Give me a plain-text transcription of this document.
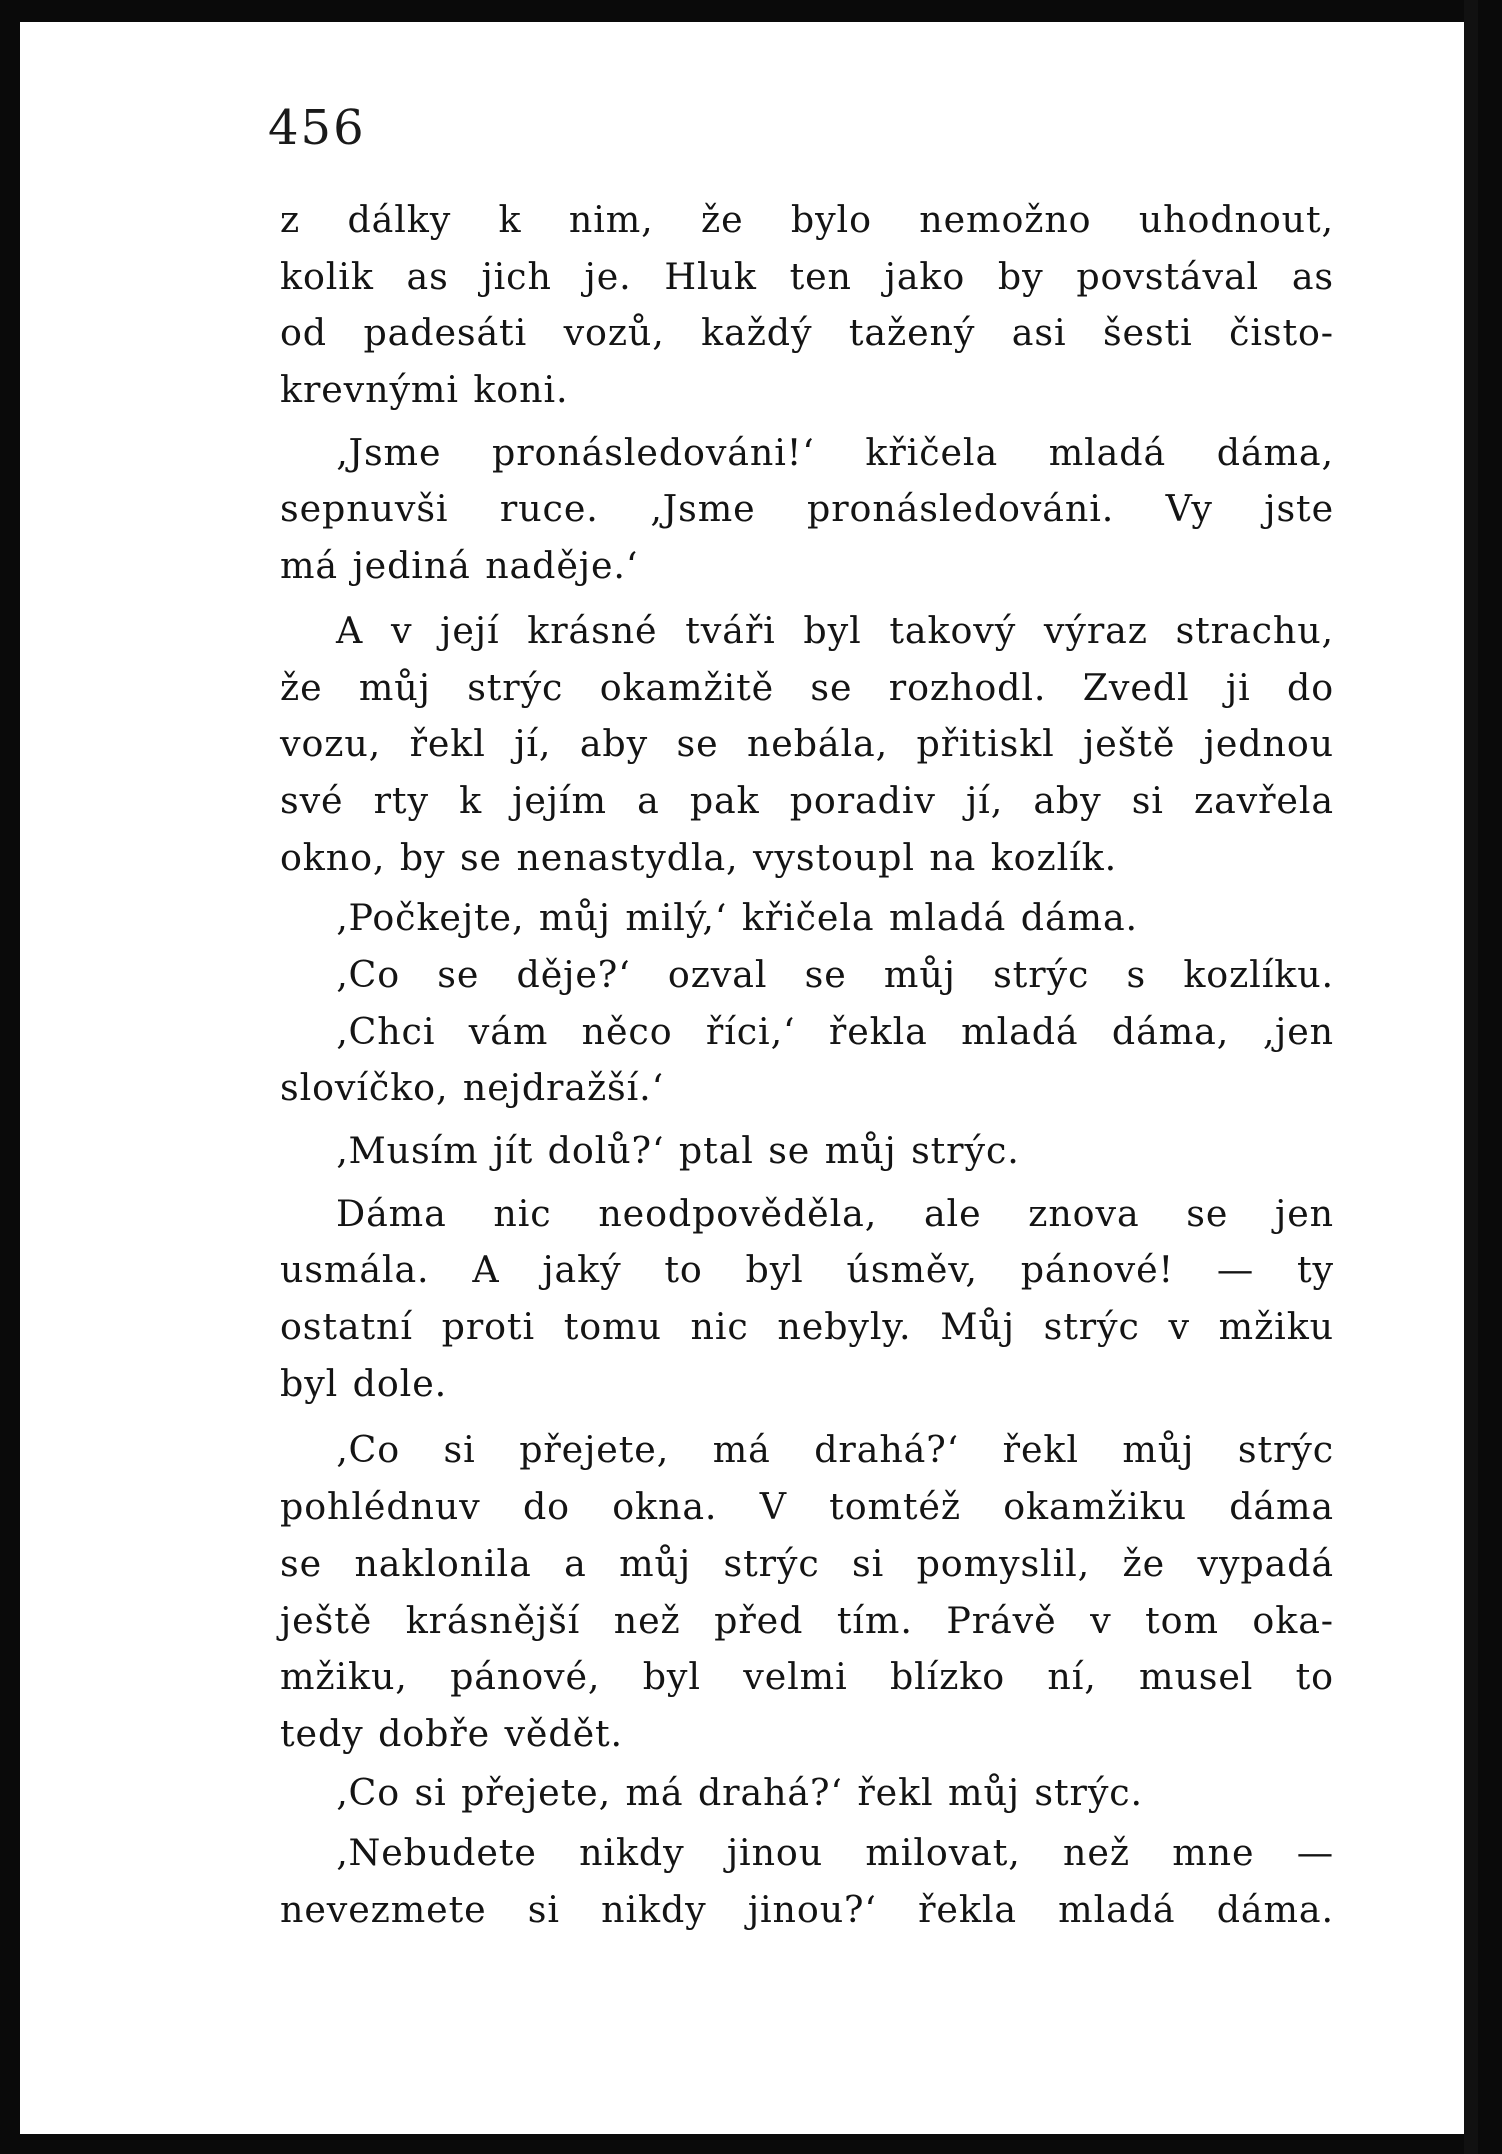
456
z dálky k nim, že bylo nemožno uhodnout,
kolik as jich je. Hluk ten jako by povstával as
od padesáti vozů, každý tažený asi šesti čisto-
krevnými koni.
‚Jsme pronásledováni!‘ křičela mladá dáma,
sepnuvši ruce. ‚Jsme pronásledováni. Vy jste
má jediná naděje.‘
A v její krásné tváři byl takový výraz strachu,
že můj strýc okamžitě se rozhodl. Zvedl ji do
vozu, řekl jí, aby se nebála, přitiskl ještě jednou
své rty k jejím a pak poradiv jí, aby si zavřela
okno, by se nenastydla, vystoupl na kozlík.
‚Počkejte, můj milý,‘ křičela mladá dáma.
‚Co se děje?‘ ozval se můj strýc s kozlíku.
‚Chci vám něco říci,‘ řekla mladá dáma, ‚jen
slovíčko, nejdražší.‘
‚Musím jít dolů?‘ ptal se můj strýc.
Dáma nic neodpověděla, ale znova se jen
usmála. A jaký to byl úsměv, pánové! — ty
ostatní proti tomu nic nebyly. Můj strýc v mžiku
byl dole.
‚Co si přejete, má drahá?‘ řekl můj strýc
pohlédnuv do okna. V tomtéž okamžiku dáma
se naklonila a můj strýc si pomyslil, že vypadá
ještě krásnější než před tím. Právě v tom oka-
mžiku, pánové, byl velmi blízko ní, musel to
tedy dobře vědět.
‚Co si přejete, má drahá?‘ řekl můj strýc.
‚Nebudete nikdy jinou milovat, než mne —
nevezmete si nikdy jinou?‘ řekla mladá dáma.
